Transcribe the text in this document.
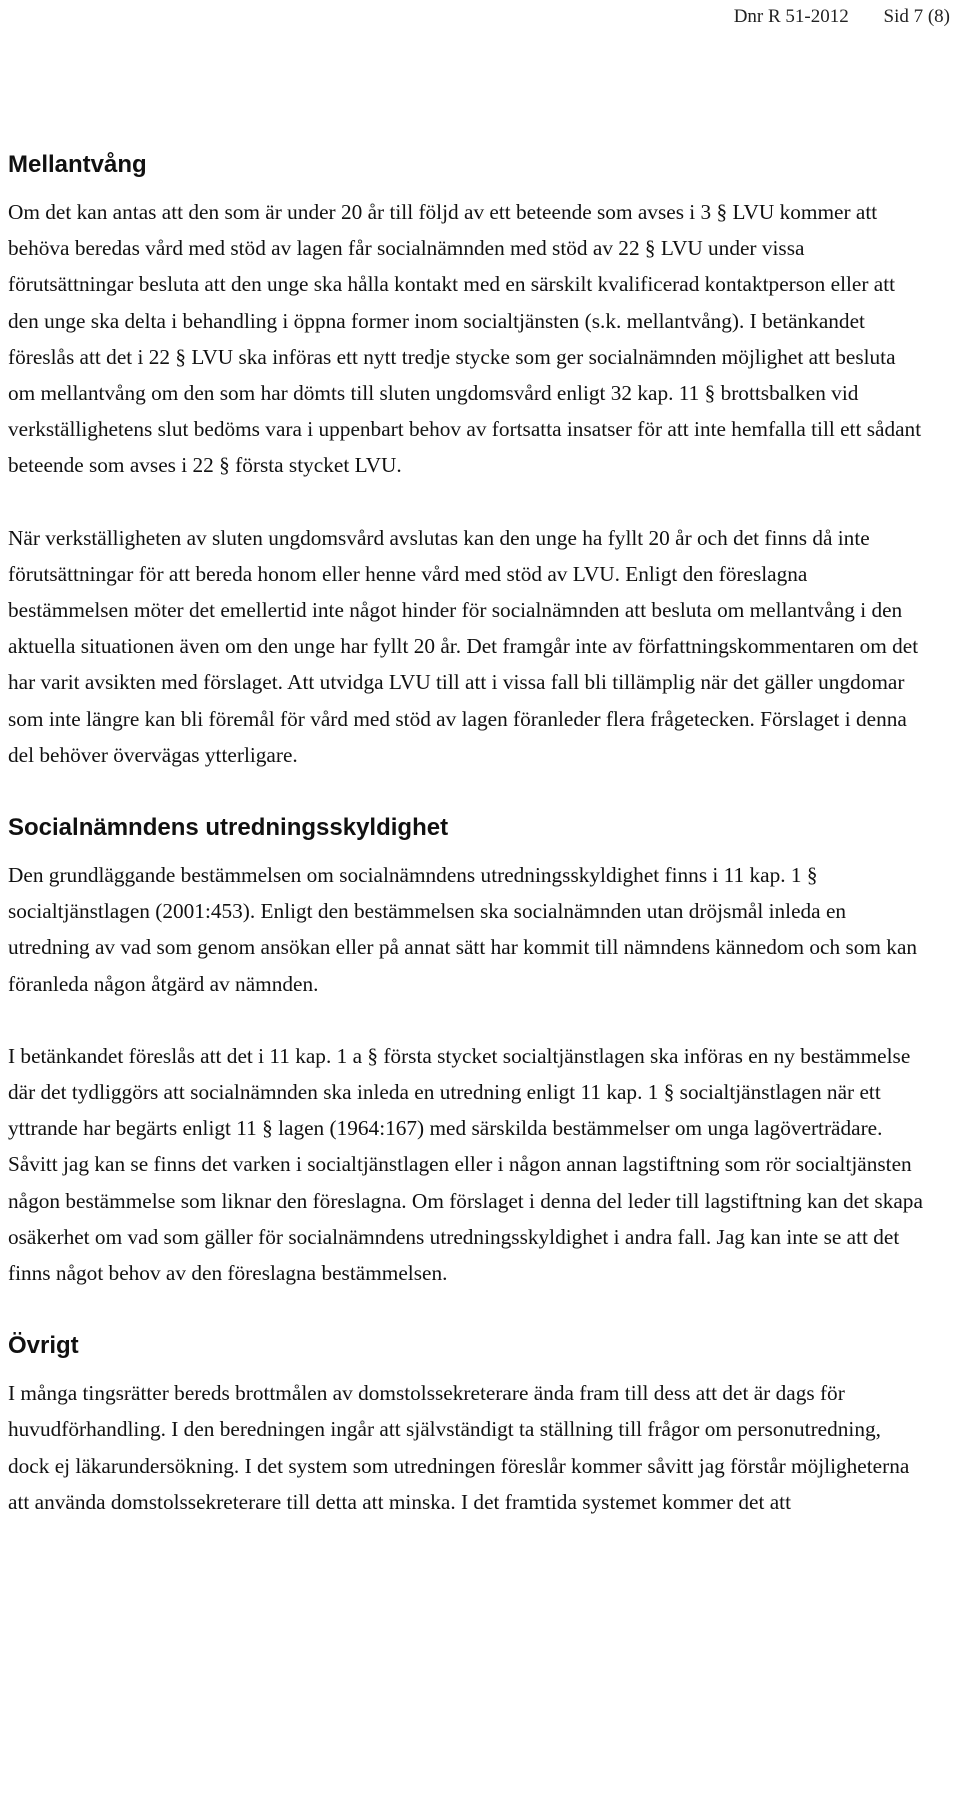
Dnr R 51-2012 Sid 7 (8)
Mellantvång

Om det kan antas att den som är under 20 år till följd av ett beteende som avses i 3 § LVU kommer att behöva beredas vård med stöd av lagen får socialnämnden med stöd av 22 § LVU under vissa förutsättningar besluta att den unge ska hålla kontakt med en särskilt kvalificerad kontaktperson eller att den unge ska delta i behandling i öppna former inom socialtjänsten (s.k. mellantvång). I betänkandet föreslås att det i 22 § LVU ska införas ett nytt tredje stycke som ger socialnämnden möjlighet att besluta om mellantvång om den som har dömts till sluten ungdomsvård enligt 32 kap. 11 § brottsbalken vid verkställighetens slut bedöms vara i uppenbart behov av fortsatta insatser för att inte hemfalla till ett sådant beteende som avses i 22 § första stycket LVU.

När verkställigheten av sluten ungdomsvård avslutas kan den unge ha fyllt 20 år och det finns då inte förutsättningar för att bereda honom eller henne vård med stöd av LVU. Enligt den föreslagna bestämmelsen möter det emellertid inte något hinder för socialnämnden att besluta om mellantvång i den aktuella situationen även om den unge har fyllt 20 år. Det framgår inte av författningskommentaren om det har varit avsikten med förslaget. Att utvidga LVU till att i vissa fall bli tillämplig när det gäller ungdomar som inte längre kan bli föremål för vård med stöd av lagen föranleder flera frågetecken. Förslaget i denna del behöver övervägas ytterligare.

Socialnämndens utredningsskyldighet

Den grundläggande bestämmelsen om socialnämndens utredningsskyldighet finns i 11 kap. 1 § socialtjänstlagen (2001:453). Enligt den bestämmelsen ska socialnämnden utan dröjsmål inleda en utredning av vad som genom ansökan eller på annat sätt har kommit till nämndens kännedom och som kan föranleda någon åtgärd av nämnden.

I betänkandet föreslås att det i 11 kap. 1 a § första stycket socialtjänstlagen ska införas en ny bestämmelse där det tydliggörs att socialnämnden ska inleda en utredning enligt 11 kap. 1 § socialtjänstlagen när ett yttrande har begärts enligt 11 § lagen (1964:167) med särskilda bestämmelser om unga lagöverträdare. Såvitt jag kan se finns det varken i socialtjänstlagen eller i någon annan lagstiftning som rör socialtjänsten någon bestämmelse som liknar den föreslagna. Om förslaget i denna del leder till lagstiftning kan det skapa osäkerhet om vad som gäller för socialnämndens utredningsskyldighet i andra fall. Jag kan inte se att det finns något behov av den föreslagna bestämmelsen.

Övrigt

I många tingsrätter bereds brottmålen av domstolssekreterare ända fram till dess att det är dags för huvudförhandling. I den beredningen ingår att självständigt ta ställning till frågor om personutredning, dock ej läkarundersökning. I det system som utredningen föreslår kommer såvitt jag förstår möjligheterna att använda domstolssekreterare till detta att minska. I det framtida systemet kommer det att
